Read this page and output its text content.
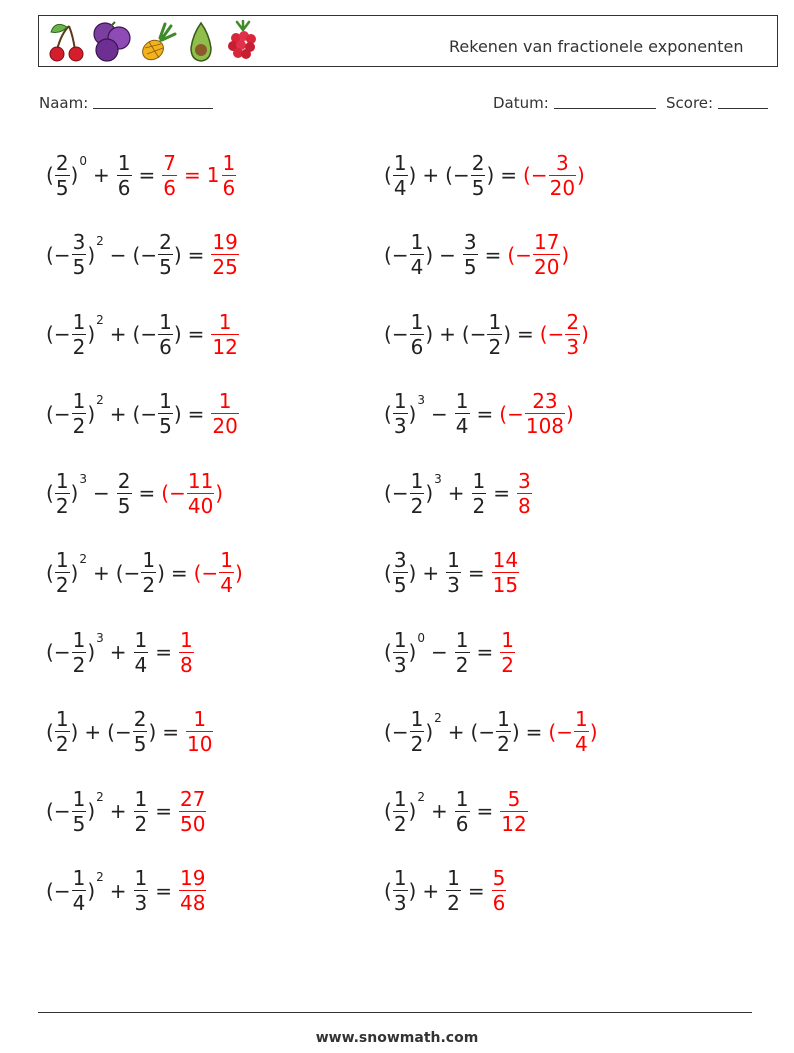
Rekenen van fractionele exponenten
Naam:	Datum:	Score:
( $\frac{2}{5}$ )
0
+ $\frac{1}{6} = \frac{7}{6} = 1 \frac{1}{6}$	( $\frac{1}{4}$ ) + ( − $\frac{2}{5}$ ) = ( − $\frac{3}{20}$ )
( − $\frac{3}{5}$ )
2
− ( − $\frac{2}{5}$ ) = $\frac{19}{25}$	( − $\frac{1}{4}$ ) − $\frac{3}{5}$ = ( − $\frac{17}{20}$ )
( − $\frac{1}{2}$ )
2
+ ( − $\frac{1}{6}$ ) = $\frac{1}{12}$	( − $\frac{1}{6}$ ) + ( − $\frac{1}{2}$ ) = ( − $\frac{2}{3}$ )
( − $\frac{1}{2}$ )
2
+ ( − $\frac{1}{5}$ ) = $\frac{1}{20}$	( $\frac{1}{3}$ )
3
− $\frac{1}{4}$ = ( − $\frac{23}{108}$ )
( $\frac{1}{2}$ )
3
− $\frac{2}{5}$ = ( − $\frac{11}{40}$ )	( − $\frac{1}{2}$ )
3
+ $\frac{1}{2} = \frac{3}{8}$
( $\frac{1}{2}$ )
2
+ ( − $\frac{1}{2}$ ) = ( − $\frac{1}{4}$ )	( $\frac{3}{5}$ ) + $\frac{1}{3} = \frac{14}{15}$
( − $\frac{1}{2}$ )
3
+ $\frac{1}{4} = \frac{1}{8}$	( $\frac{1}{3}$ )
0
− $\frac{1}{2} = \frac{1}{2}$
( $\frac{1}{2}$ ) + ( − $\frac{2}{5}$ ) = $\frac{1}{10}$	( − $\frac{1}{2}$ )
2
+ ( − $\frac{1}{2}$ ) = ( − $\frac{1}{4}$ )
( − $\frac{1}{5}$ )
2
+ $\frac{1}{2} = \frac{27}{50}$	( $\frac{1}{2}$ )
2
+ $\frac{1}{6} = \frac{5}{12}$
( − $\frac{1}{4}$ )
2
+ $\frac{1}{3} = \frac{19}{48}$	( $\frac{1}{3}$ ) + $\frac{1}{2} = \frac{5}{6}$
www.snowmath.com
